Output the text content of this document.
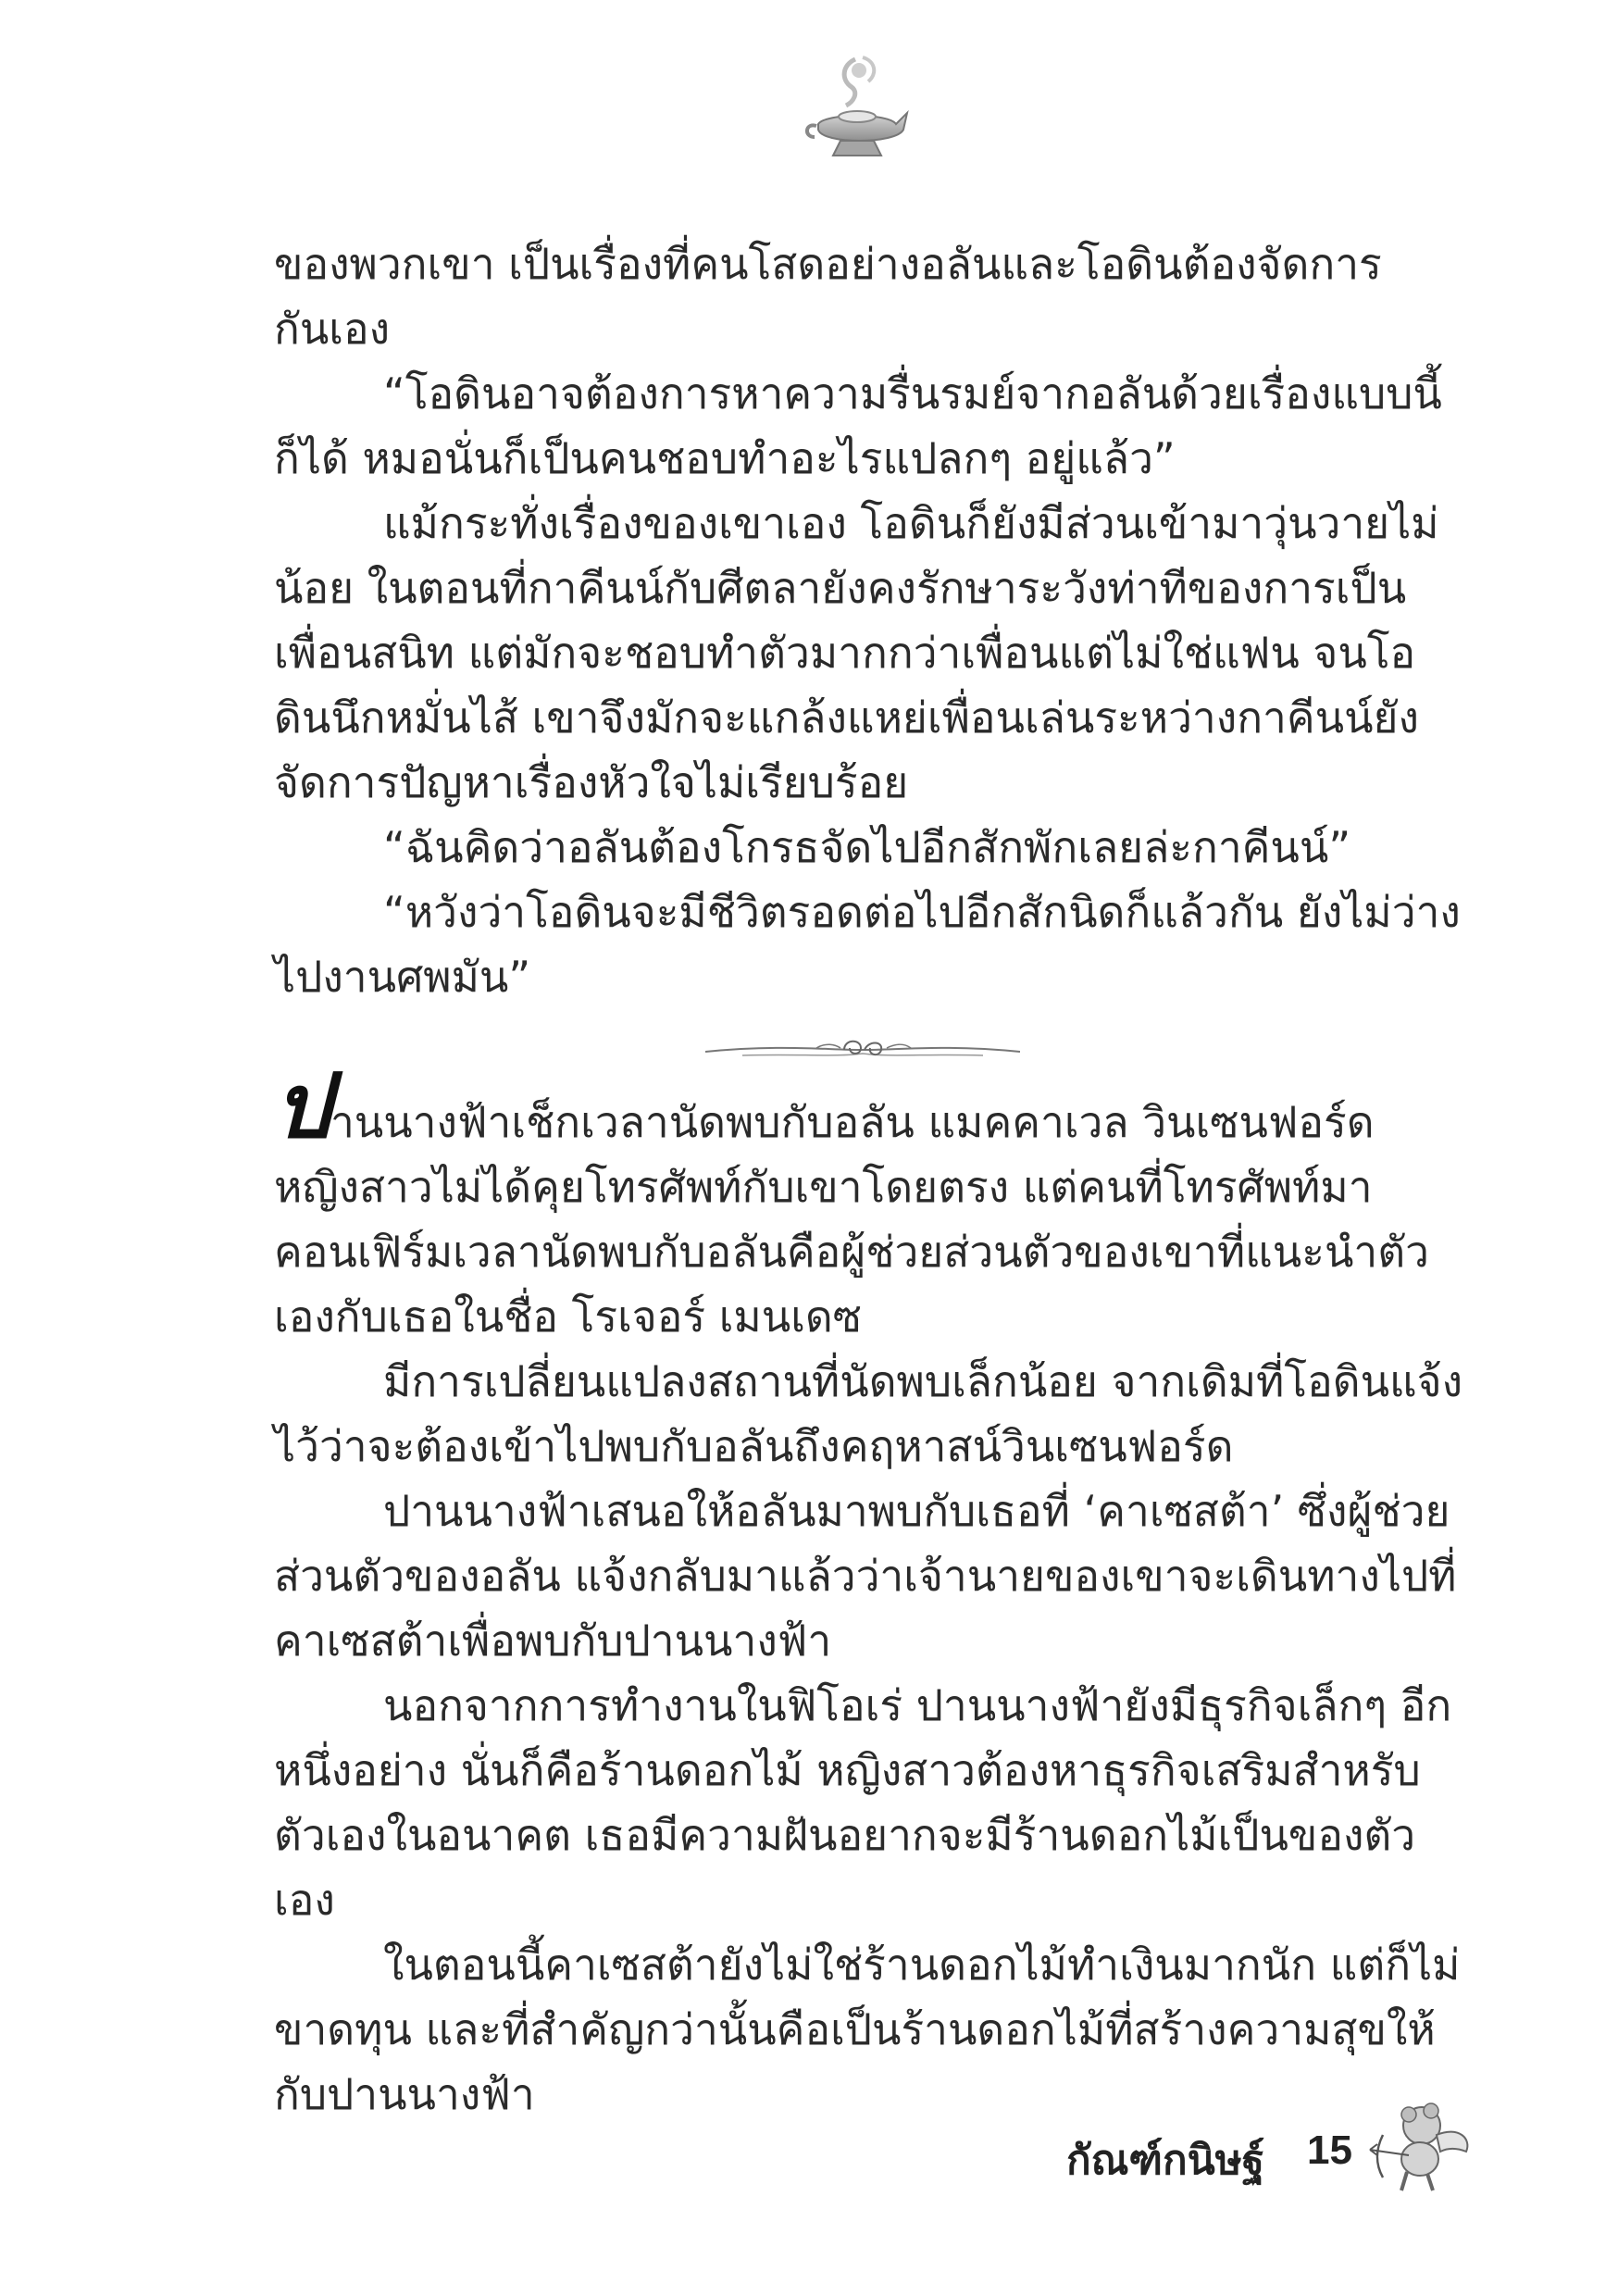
ของพวกเขา เป็นเรื่องที่คนโสดอย่างอลันและโอดินต้องจัดการกันเอง

“โอดินอาจต้องการหาความรื่นรมย์จากอลันด้วยเรื่องแบบนี้ก็ได้ หมอนั่นก็เป็นคนชอบทำอะไรแปลกๆ อยู่แล้ว”

แม้กระทั่งเรื่องของเขาเอง โอดินก็ยังมีส่วนเข้ามาวุ่นวายไม่น้อย ในตอนที่กาคีนน์กับศีตลายังคงรักษาระวังท่าทีของการเป็นเพื่อนสนิท แต่มักจะชอบทำตัวมากกว่าเพื่อนแต่ไม่ใช่แฟน จนโอดินนึกหมั่นไส้ เขาจึงมักจะแกล้งแหย่เพื่อนเล่นระหว่างกาคีนน์ยังจัดการปัญหาเรื่องหัวใจไม่เรียบร้อย

“ฉันคิดว่าอลันต้องโกรธจัดไปอีกสักพักเลยล่ะกาคีนน์”

“หวังว่าโอดินจะมีชีวิตรอดต่อไปอีกสักนิดก็แล้วกัน ยังไม่ว่างไปงานศพมัน”

ปานนางฟ้าเช็กเวลานัดพบกับอลัน แมคคาเวล วินเซนฟอร์ด หญิงสาวไม่ได้คุยโทรศัพท์กับเขาโดยตรง แต่คนที่โทรศัพท์มาคอนเฟิร์มเวลานัดพบกับอลันคือผู้ช่วยส่วนตัวของเขาที่แนะนำตัวเองกับเธอในชื่อ โรเจอร์ เมนเดซ

มีการเปลี่ยนแปลงสถานที่นัดพบเล็กน้อย จากเดิมที่โอดินแจ้งไว้ว่าจะต้องเข้าไปพบกับอลันถึงคฤหาสน์วินเซนฟอร์ด

ปานนางฟ้าเสนอให้อลันมาพบกับเธอที่ ‘คาเซสต้า’ ซึ่งผู้ช่วยส่วนตัวของอลัน แจ้งกลับมาแล้วว่าเจ้านายของเขาจะเดินทางไปที่คาเซสต้าเพื่อพบกับปานนางฟ้า

นอกจากการทำงานในฟิโอเร่ ปานนางฟ้ายังมีธุรกิจเล็กๆ อีกหนึ่งอย่าง นั่นก็คือร้านดอกไม้ หญิงสาวต้องหาธุรกิจเสริมสำหรับตัวเองในอนาคต เธอมีความฝันอยากจะมีร้านดอกไม้เป็นของตัวเอง

ในตอนนี้คาเซสต้ายังไม่ใช่ร้านดอกไม้ทำเงินมากนัก แต่ก็ไม่ขาดทุน และที่สำคัญกว่านั้นคือเป็นร้านดอกไม้ที่สร้างความสุขให้กับปานนางฟ้า

กัณฑ์กนิษฐ์ 15
